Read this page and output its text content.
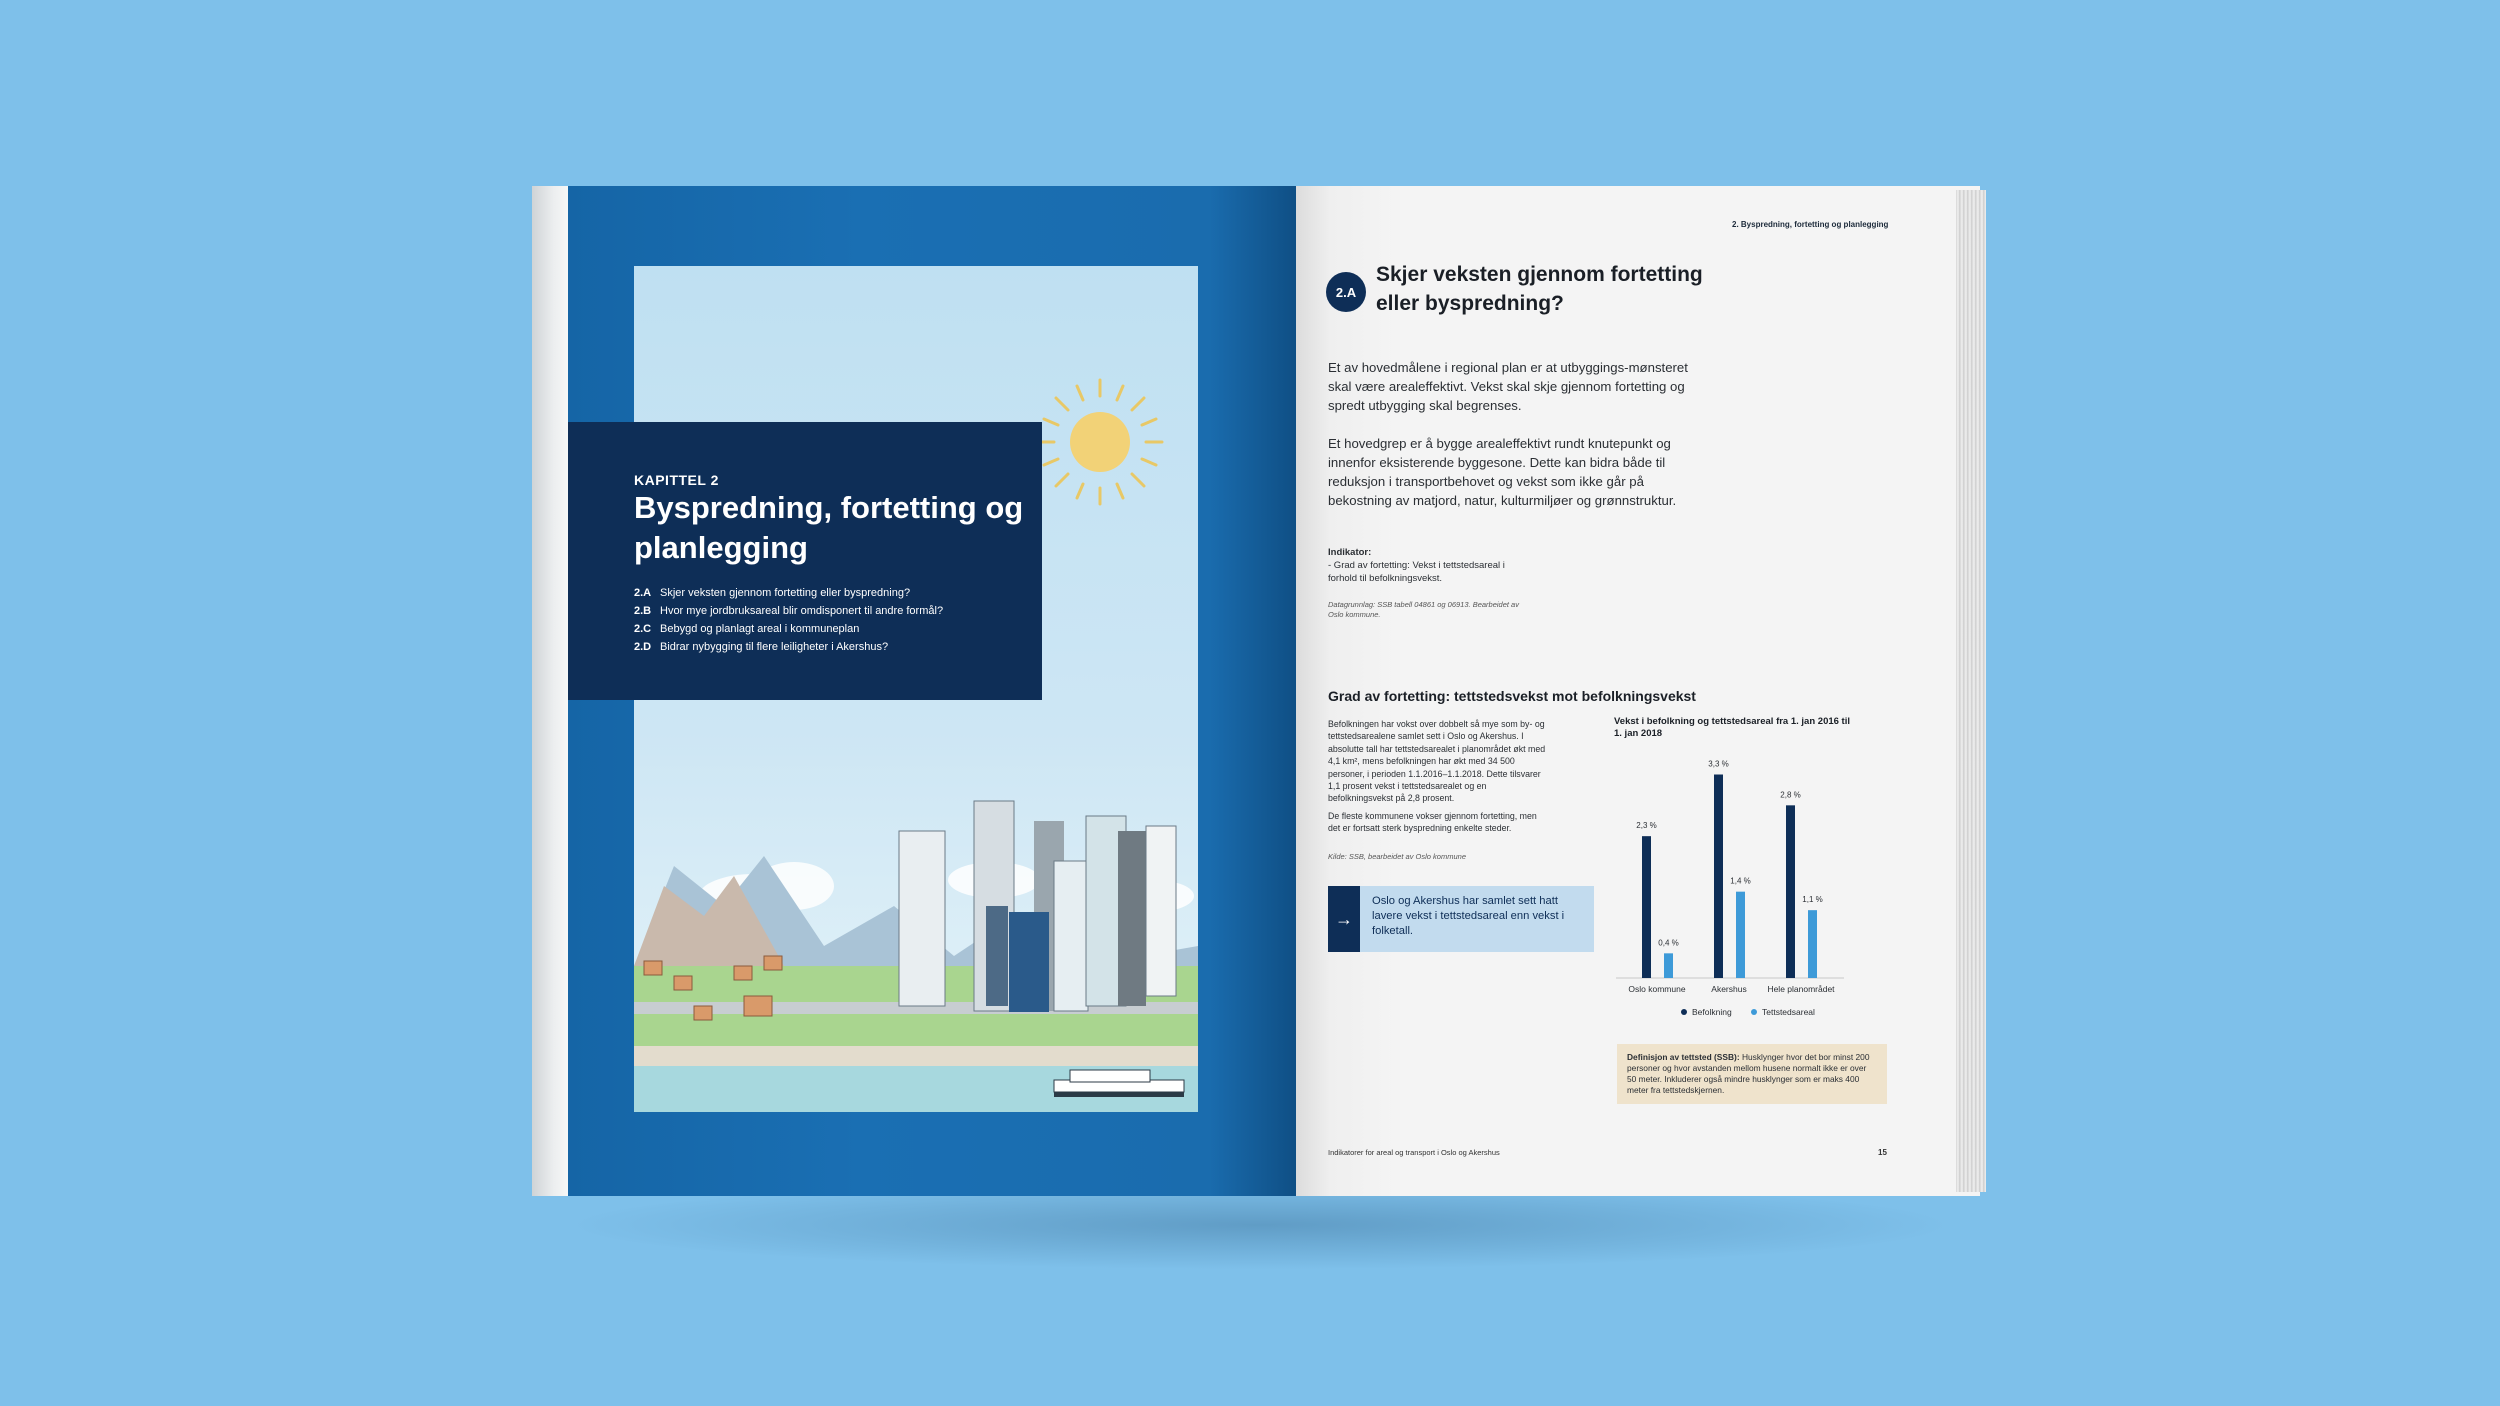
KAPITTEL 2
Byspredning, fortetting og planlegging
2.A Skjer veksten gjennom fortetting eller byspredning?
2.B Hvor mye jordbruksareal blir omdisponert til andre formål?
2.C Bebygd og planlagt areal i kommuneplan
2.D Bidrar nybygging til flere leiligheter i Akershus?
2. Byspredning, fortetting og planlegging
2.A
Skjer veksten gjennom fortetting eller byspredning?
Et av hovedmålene i regional plan er at utbyggings-mønsteret skal være arealeffektivt. Vekst skal skje gjennom fortetting og spredt utbygging skal begrenses.
Et hovedgrep er å bygge arealeffektivt rundt knutepunkt og innenfor eksisterende byggesone. Dette kan bidra både til reduksjon i transportbehovet og vekst som ikke går på bekostning av matjord, natur, kulturmiljøer og grønnstruktur.
Indikator:
- Grad av fortetting: Vekst i tettstedsareal i forhold til befolkningsvekst.
Datagrunnlag: SSB tabell 04861 og 06913. Bearbeidet av Oslo kommune.
Grad av fortetting: tettstedsvekst mot befolkningsvekst
Befolkningen har vokst over dobbelt så mye som by- og tettstedsarealene samlet sett i Oslo og Akershus. I absolutte tall har tettstedsarealet i planområdet økt med 4,1 km², mens befolkningen har økt med 34 500 personer, i perioden 1.1.2016–1.1.2018. Dette tilsvarer 1,1 prosent vekst i tettstedsarealet og en befolkningsvekst på 2,8 prosent.
De fleste kommunene vokser gjennom fortetting, men det er fortsatt sterk byspredning enkelte steder.
Kilde: SSB, bearbeidet av Oslo kommune
→
Oslo og Akershus har samlet sett hatt lavere vekst i tettstedsareal enn vekst i folketall.
Vekst i befolkning og tettstedsareal fra 1. jan 2016 til 1. jan 2018
2,3 %
0,4 %
Oslo kommune
3,3 %
1,4 %
Akershus
2,8 %
1,1 %
Hele planområdet
Befolkning	Tettstedsareal
Definisjon av tettsted (SSB): Husklynger hvor det bor minst 200 personer og hvor avstanden mellom husene normalt ikke er over 50 meter. Inkluderer også mindre husklynger som er maks 400 meter fra tettstedskjernen.
Indikatorer for areal og transport i Oslo og Akershus	15
